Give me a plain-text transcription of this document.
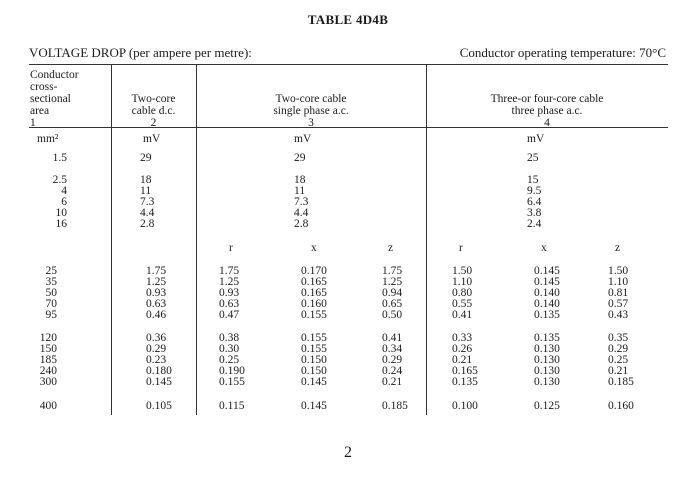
TABLE 4D4B
VOLTAGE DROP (per ampere per metre):	Conductor operating temperature: 70°C
Conductor
cross-
sectional
area
1
Two-core
cable d.c.
2
Two-core cable
single phase a.c.
3
Three-or four-core cable
three phase a.c.
4
mm²	mV	mV	mV
1.5	29	29	25
2.5	18	18	15
4	11	11	9.5
6	7.3	7.3	6.4
10	4.4	4.4	3.8
16	2.8	2.8	2.4
r	x	z	r	x	z
25	1.75	1.75	0.170	1.75	1.50	0.145	1.50
35	1.25	1.25	0.165	1.25	1.10	0.145	1.10
50	0.93	0.93	0.165	0.94	0.80	0.140	0.81
70	0.63	0.63	0.160	0.65	0.55	0.140	0.57
95	0.46	0.47	0.155	0.50	0.41	0.135	0.43
120	0.36	0.38	0.155	0.41	0.33	0.135	0.35
150	0.29	0.30	0.155	0.34	0.26	0.130	0.29
185	0.23	0.25	0.150	0.29	0.21	0.130	0.25
240	0.180	0.190	0.150	0.24	0.165	0.130	0.21
300	0.145	0.155	0.145	0.21	0.135	0.130	0.185
400	0.105	0.115	0.145	0.185	0.100	0.125	0.160
2
